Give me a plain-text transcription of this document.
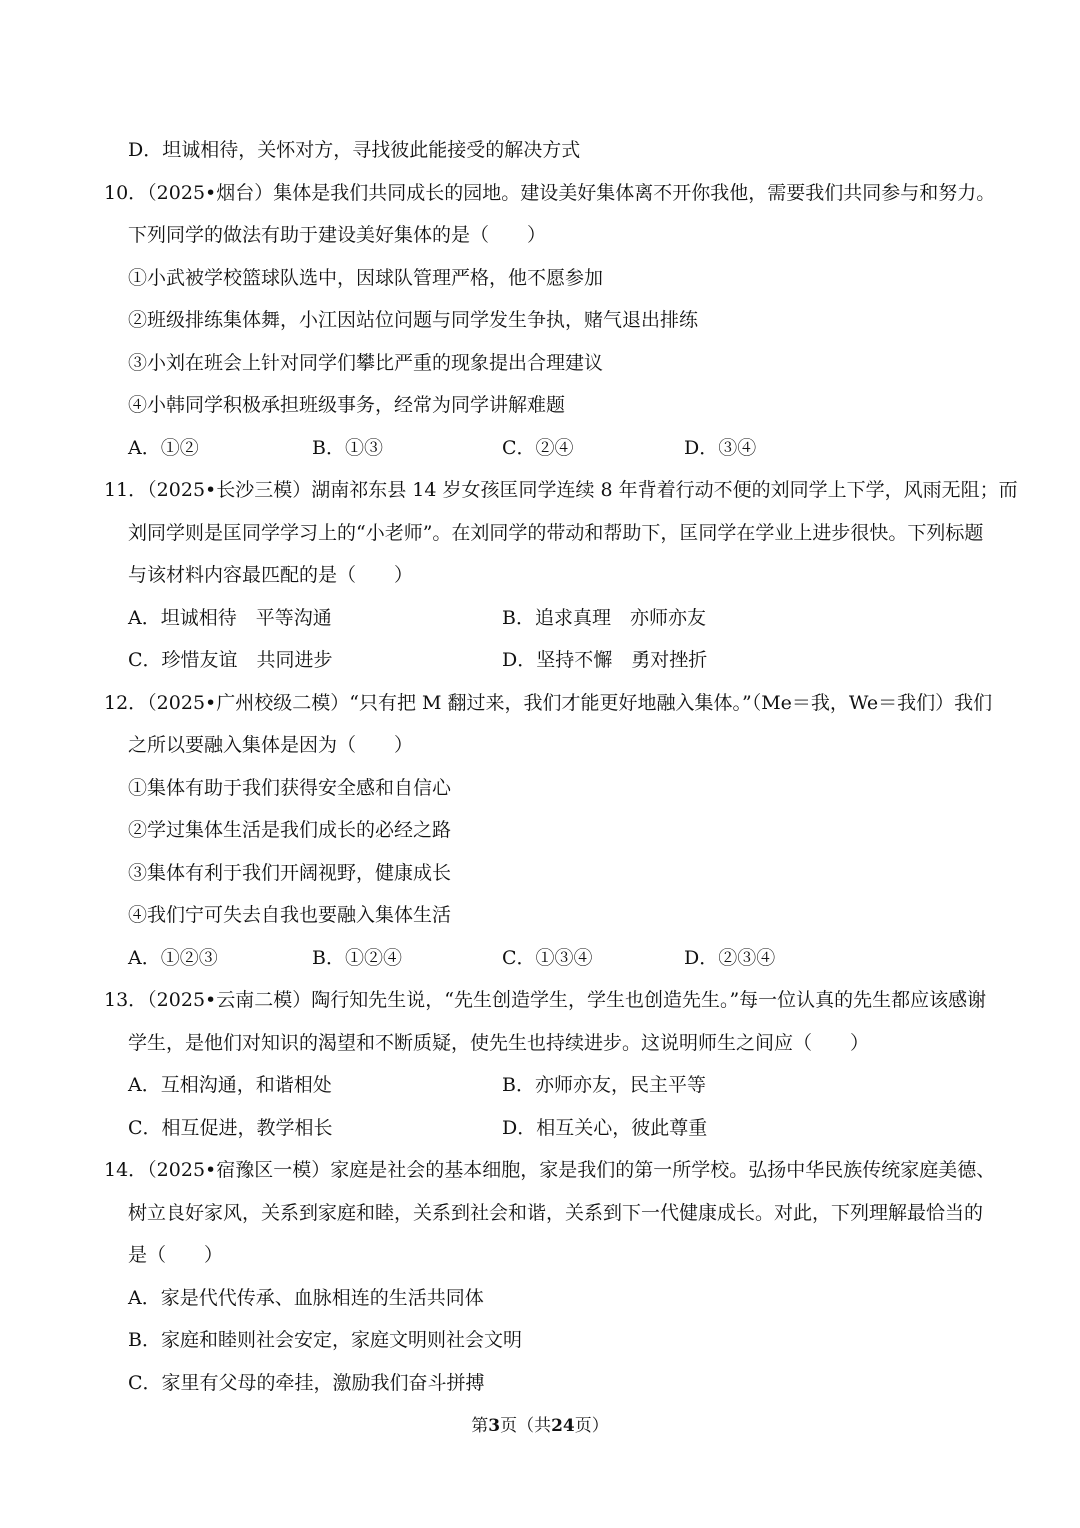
D．坦诚相待，关怀对方，寻找彼此能接受的解决方式
10．（2025•烟台）集体是我们共同成长的园地。建设美好集体离不开你我他，需要我们共同参与和努力。
下列同学的做法有助于建设美好集体的是（　　）
①小武被学校篮球队选中，因球队管理严格，他不愿参加
②班级排练集体舞，小江因站位问题与同学发生争执，赌气退出排练
③小刘在班会上针对同学们攀比严重的现象提出合理建议
④小韩同学积极承担班级事务，经常为同学讲解难题
A．①②	B．①③	C．②④	D．③④
11．（2025•长沙三模）湖南祁东县 14 岁女孩匡同学连续 8 年背着行动不便的刘同学上下学，风雨无阻；而
刘同学则是匡同学学习上的“小老师”。在刘同学的带动和帮助下，匡同学在学业上进步很快。下列标题
与该材料内容最匹配的是（　　）
A．坦诚相待　平等沟通	B．追求真理　亦师亦友
C．珍惜友谊　共同进步	D．坚持不懈　勇对挫折
12．（2025•广州校级二模）“只有把 M 翻过来，我们才能更好地融入集体。”（Me＝我，We＝我们）我们
之所以要融入集体是因为（　　）
①集体有助于我们获得安全感和自信心
②学过集体生活是我们成长的必经之路
③集体有利于我们开阔视野，健康成长
④我们宁可失去自我也要融入集体生活
A．①②③	B．①②④	C．①③④	D．②③④
13．（2025•云南二模）陶行知先生说，“先生创造学生，学生也创造先生。”每一位认真的先生都应该感谢
学生，是他们对知识的渴望和不断质疑，使先生也持续进步。这说明师生之间应（　　）
A．互相沟通，和谐相处	B．亦师亦友，民主平等
C．相互促进，教学相长	D．相互关心，彼此尊重
14．（2025•宿豫区一模）家庭是社会的基本细胞，家是我们的第一所学校。弘扬中华民族传统家庭美德、
树立良好家风，关系到家庭和睦，关系到社会和谐，关系到下一代健康成长。对此，下列理解最恰当的
是（　　）
A．家是代代传承、血脉相连的生活共同体
B．家庭和睦则社会安定，家庭文明则社会文明
C．家里有父母的牵挂，激励我们奋斗拼搏
第3页（共24页）
